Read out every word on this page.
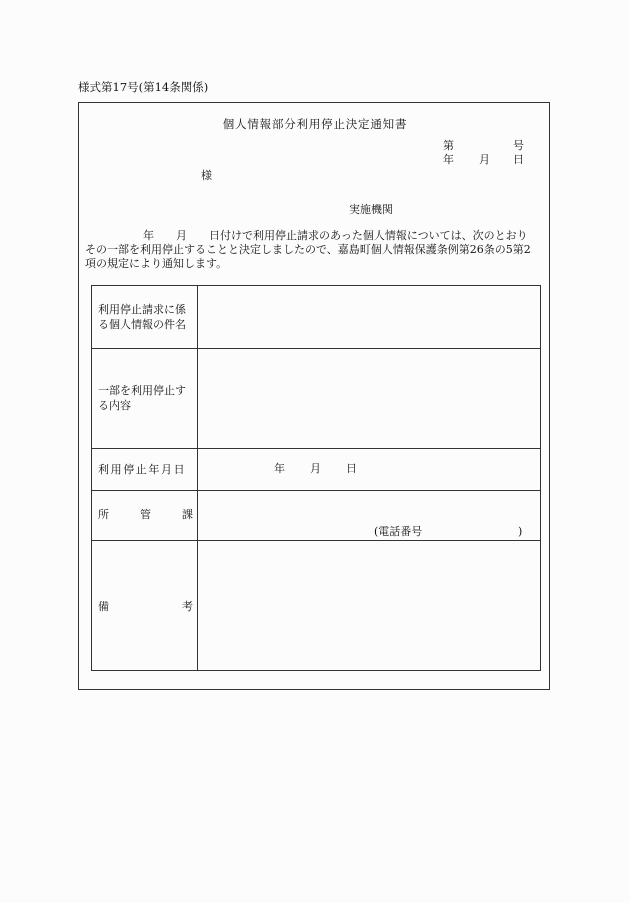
様式第17号(第14条関係)
個人情報部分利用停止決定通知書
第	号
年 月 日
様
実施機関
年　　月　　日付けで利用停止請求のあった個人情報については、次のとおり
その一部を利用停止することと決定しましたので、嘉島町個人情報保護条例第26条の5第2
項の規定により通知します。
利用停止請求に係
る個人情報の件名
一部を利用停止す
る内容
利用停止年月日	年 月 日
所	管	課
(電話番号	)
備	考
